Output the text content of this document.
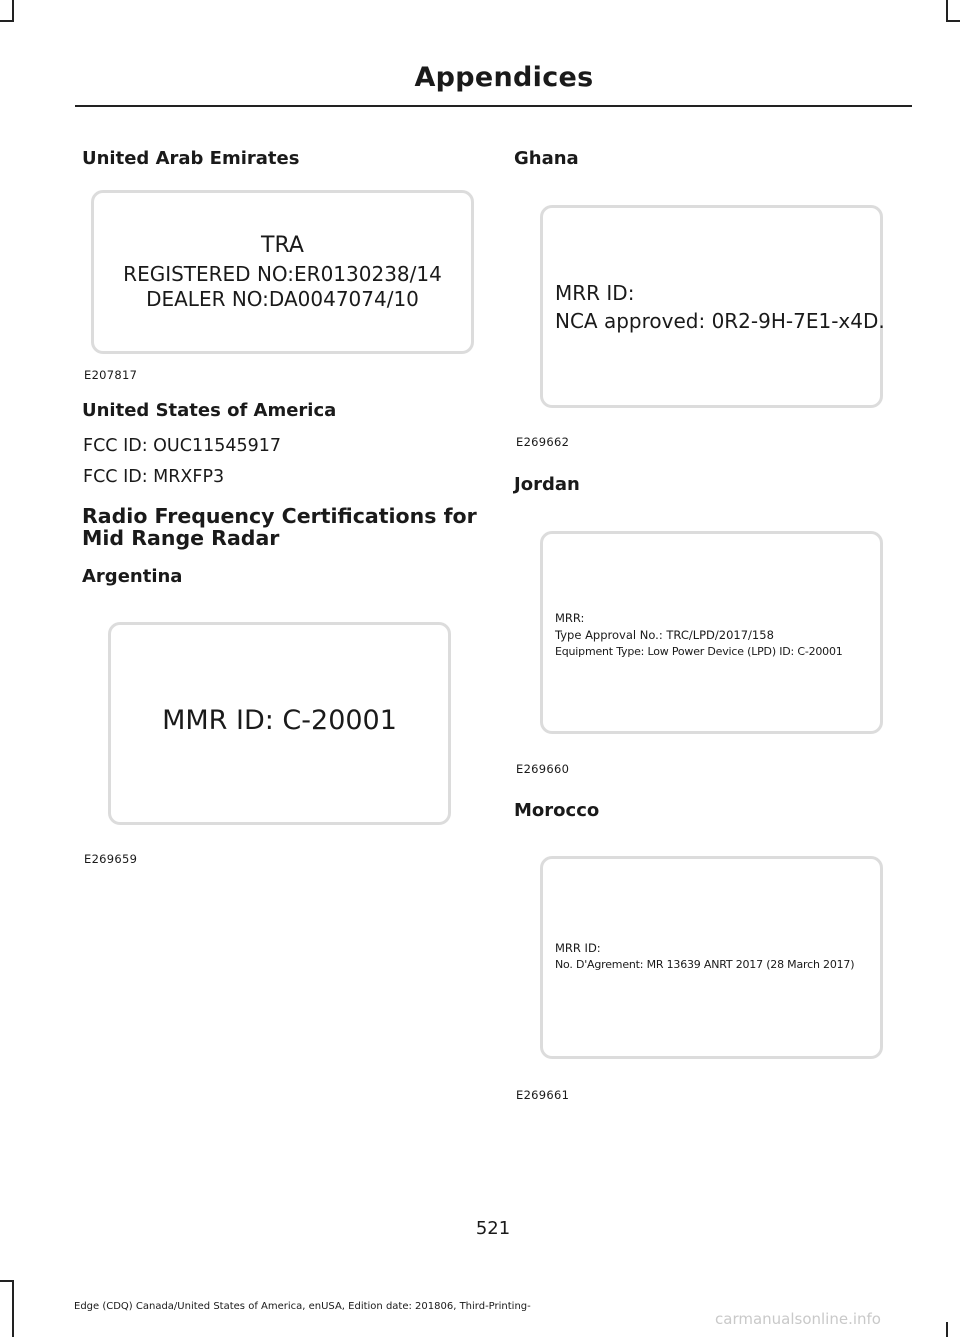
Appendices
United Arab Emirates
TRA
REGISTERED NO:ER0130238/14
DEALER NO:DA0047074/10
E207817
United States of America
FCC ID: OUC11545917
FCC ID: MRXFP3
Radio Frequency Certifications for Mid Range Radar
Argentina
MMR ID: C-20001
E269659
Ghana
MRR ID:
NCA approved: 0R2-9H-7E1-x4D.
E269662
Jordan
MRR:
Type Approval No.: TRC/LPD/2017/158
Equipment Type: Low Power Device (LPD) ID: C-20001
E269660
Morocco
MRR ID:
No. D'Agrement: MR 13639 ANRT 2017 (28 March 2017)
E269661
521
Edge (CDQ) Canada/United States of America, enUSA, Edition date: 201806, Third-Printing-
carmanualsonline.info
